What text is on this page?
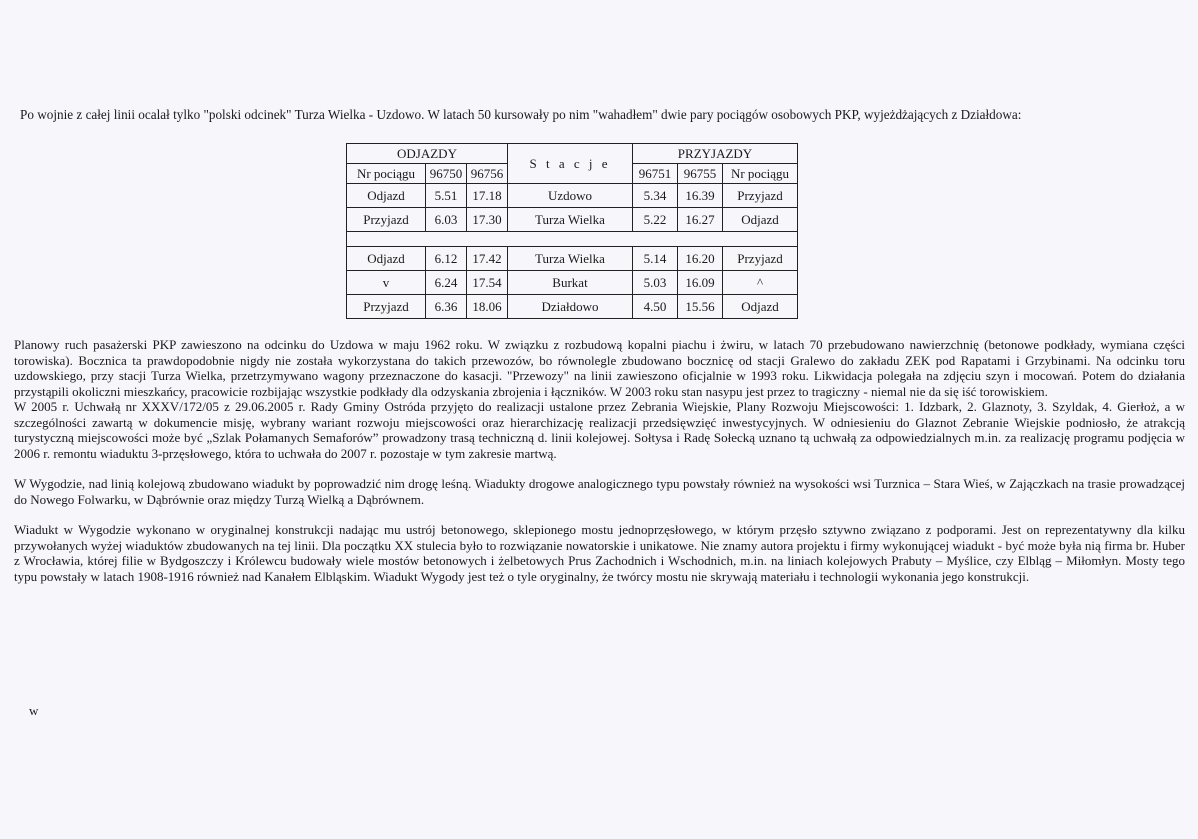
Po wojnie z całej linii ocalał tylko "polski odcinek" Turza Wielka - Uzdowo. W latach 50 kursowały po nim "wahadłem" dwie pary pociągów osobowych PKP, wyjeżdżających z Działdowa:
ODJAZDY			S t a c j e	PRZYJAZDY		
Nr pociągu	96750	96756		96751	96755	Nr pociągu
Odjazd	5.51	17.18	Uzdowo	5.34	16.39	Przyjazd
Przyjazd	6.03	17.30	Turza Wielka	5.22	16.27	Odjazd

Odjazd	6.12	17.42	Turza Wielka	5.14	16.20	Przyjazd
v	6.24	17.54	Burkat	5.03	16.09	^
Przyjazd	6.36	18.06	Działdowo	4.50	15.56	Odjazd

Planowy ruch pasażerski PKP zawieszono na odcinku do Uzdowa w maju 1962 roku. W związku z rozbudową kopalni piachu i żwiru, w latach 70 przebudowano nawierzchnię (betonowe podkłady, wymiana części torowiska). Bocznica ta prawdopodobnie nigdy nie została wykorzystana do takich przewozów, bo równolegle zbudowano bocznicę od stacji Gralewo do zakładu ZEK pod Rapatami i Grzybinami. Na odcinku toru uzdowskiego, przy stacji Turza Wielka, przetrzymywano wagony przeznaczone do kasacji. "Przewozy" na linii zawieszono oficjalnie w 1993 roku. Likwidacja polegała na zdjęciu szyn i mocowań. Potem do działania przystąpili okoliczni mieszkańcy, pracowicie rozbijając wszystkie podkłady dla odzyskania zbrojenia i łączników. W 2003 roku stan nasypu jest przez to tragiczny - niemal nie da się iść torowiskiem.

W 2005 r. Uchwałą nr XXXV/172/05 z 29.06.2005 r. Rady Gminy Ostróda przyjęto do realizacji ustalone przez Zebrania Wiejskie, Plany Rozwoju Miejscowości: 1. Idzbark, 2. Glaznoty, 3. Szyldak, 4. Gierłoż, a w szczególności zawartą w dokumencie misję, wybrany wariant rozwoju miejscowości oraz hierarchizację realizacji przedsięwzięć inwestycyjnych. W odniesieniu do Glaznot Zebranie Wiejskie podniosło, że atrakcją turystyczną miejscowości może być „Szlak Połamanych Semaforów” prowadzony trasą techniczną d. linii kolejowej. Sołtysa i Radę Sołecką uznano tą uchwałą za odpowiedzialnych m.in. za realizację programu podjęcia w 2006 r. remontu wiaduktu 3-przęsłowego, która to uchwała do 2007 r. pozostaje w tym zakresie martwą.

W Wygodzie, nad linią kolejową zbudowano wiadukt by poprowadzić nim drogę leśną. Wiadukty drogowe analogicznego typu powstały również na wysokości wsi Turznica – Stara Wieś, w Zajączkach na trasie prowadzącej do Nowego Folwarku, w Dąbrównie oraz między Turzą Wielką a Dąbrównem.

Wiadukt w Wygodzie wykonano w oryginalnej konstrukcji nadając mu ustrój betonowego, sklepionego mostu jednoprzęsłowego, w którym przęsło sztywno związano z podporami. Jest on reprezentatywny dla kilku przywołanych wyżej wiaduktów zbudowanych na tej linii. Dla początku XX stulecia było to rozwiązanie nowatorskie i unikatowe. Nie znamy autora projektu i firmy wykonującej wiadukt - być może była nią firma br. Huber z Wrocławia, której filie w Bydgoszczy i Królewcu budowały wiele mostów betonowych i żelbetowych Prus Zachodnich i Wschodnich, m.in. na liniach kolejowych Prabuty – Myślice, czy Elbląg – Miłomłyn. Mosty tego typu powstały w latach 1908-1916 również nad Kanałem Elbląskim. Wiadukt Wygody jest też o tyle oryginalny, że twórcy mostu nie skrywają materiału i technologii wykonania jego konstrukcji.

w
